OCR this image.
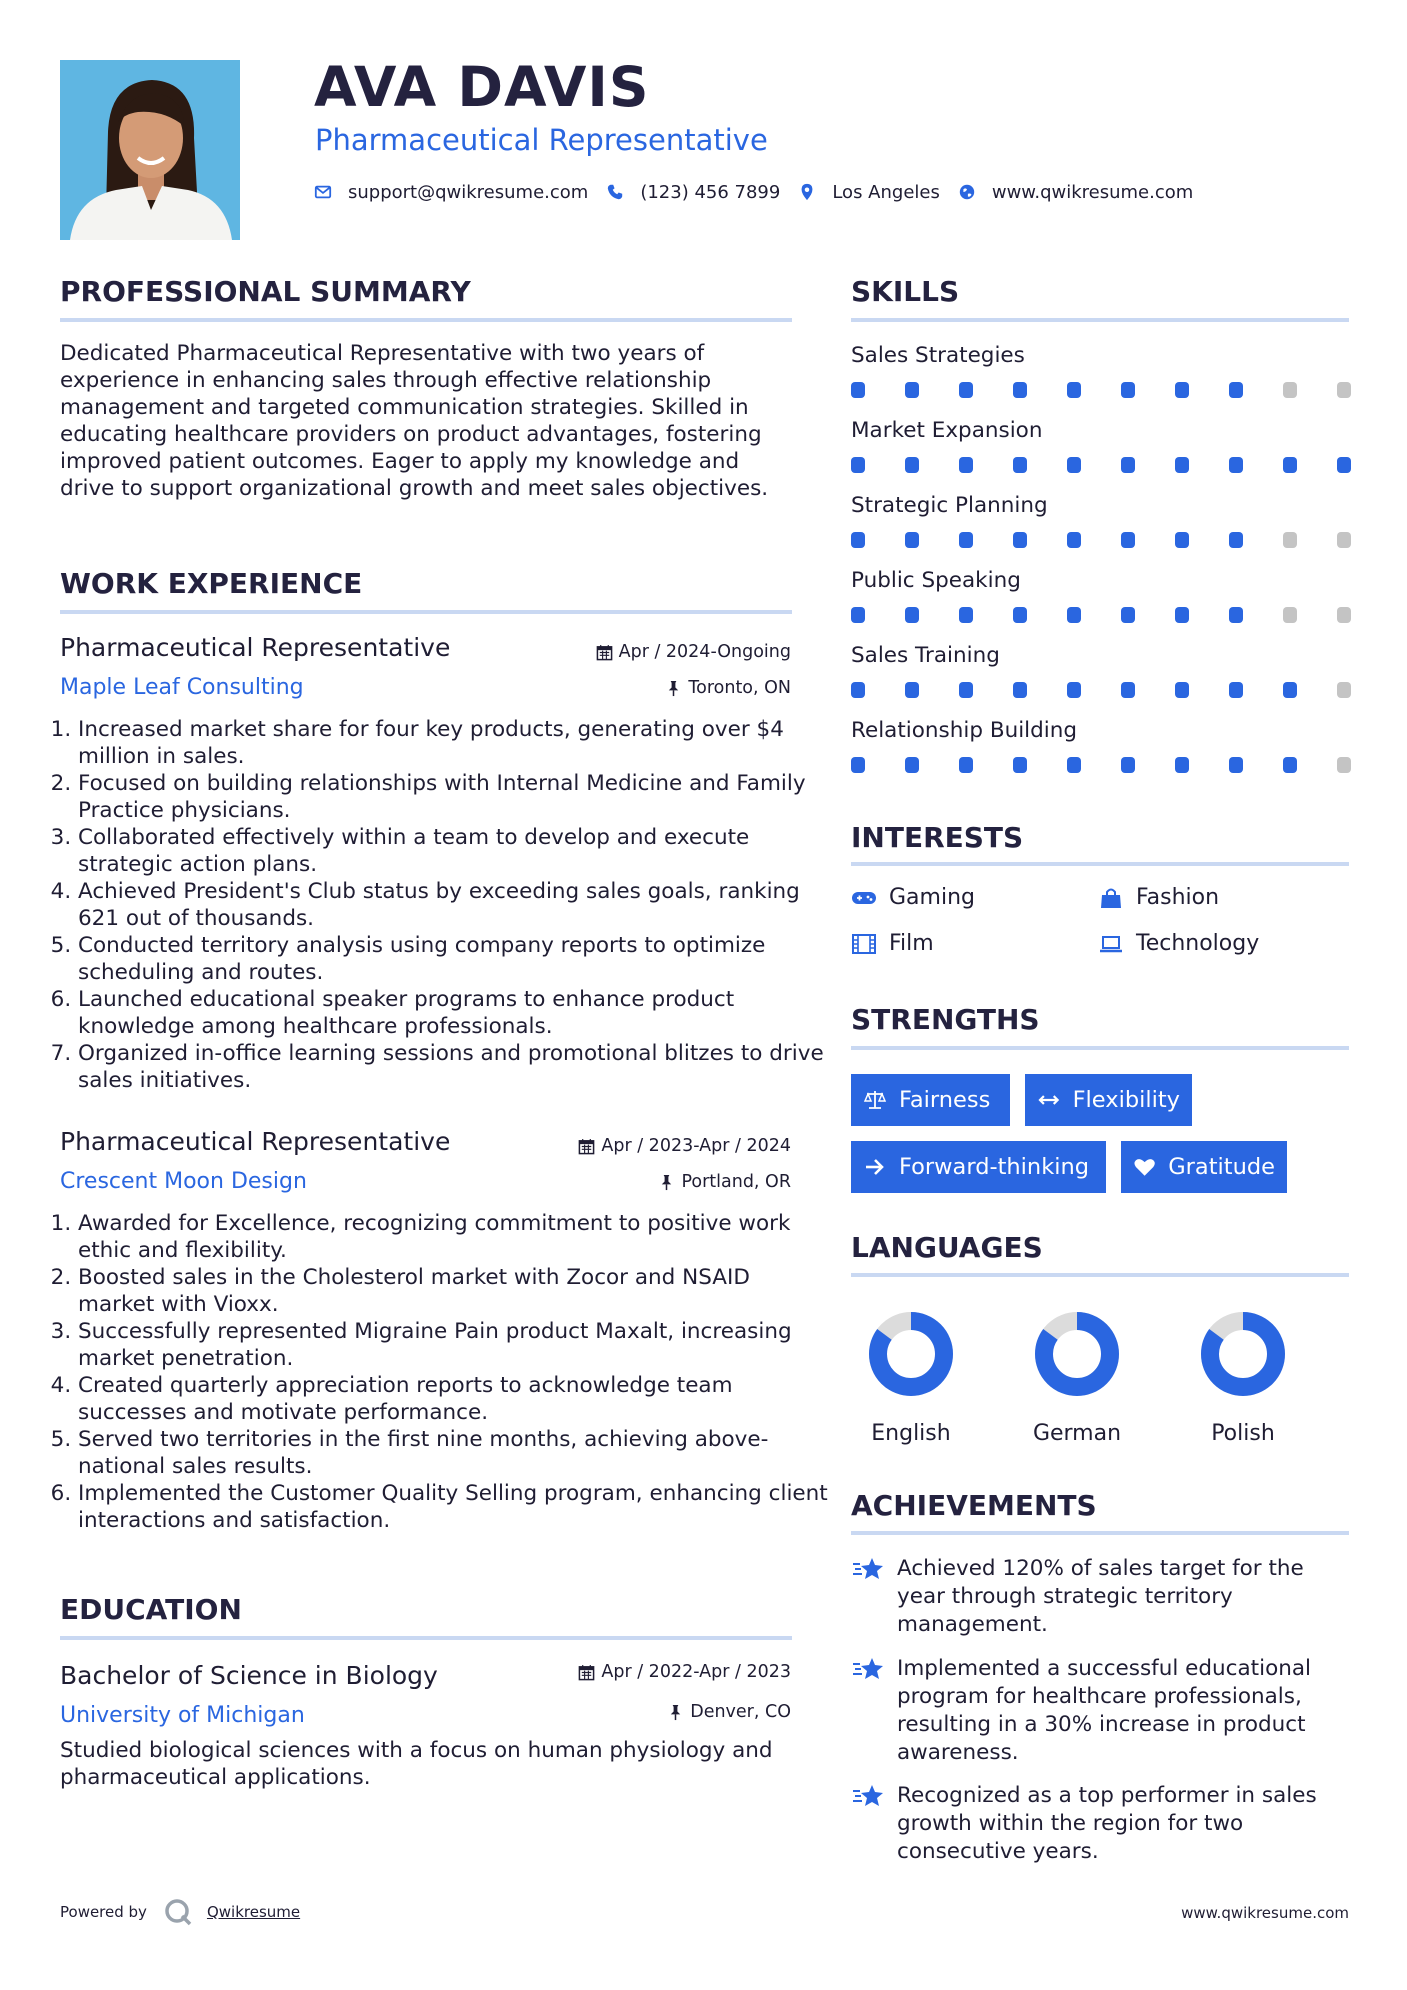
AVA DAVIS
Pharmaceutical Representative
support@qwikresume.com	(123) 456 7899	Los Angeles	www.qwikresume.com
PROFESSIONAL SUMMARY

Dedicated Pharmaceutical Representative with two years of experience in enhancing sales through effective relationship management and targeted communication strategies. Skilled in educating healthcare providers on product advantages, fostering improved patient outcomes. Eager to apply my knowledge and drive to support organizational growth and meet sales objectives.

WORK EXPERIENCE
Pharmaceutical Representative	Apr / 2024-Ongoing
Maple Leaf Consulting	Toronto, ON
1. Increased market share for four key products, generating over $4 million in sales.
2. Focused on building relationships with Internal Medicine and Family Practice physicians.
3. Collaborated effectively within a team to develop and execute strategic action plans.
4. Achieved President's Club status by exceeding sales goals, ranking 621 out of thousands.
5. Conducted territory analysis using company reports to optimize scheduling and routes.
6. Launched educational speaker programs to enhance product knowledge among healthcare professionals.
7. Organized in-office learning sessions and promotional blitzes to drive sales initiatives.
Pharmaceutical Representative	Apr / 2023-Apr / 2024
Crescent Moon Design	Portland, OR
1. Awarded for Excellence, recognizing commitment to positive work ethic and flexibility.
2. Boosted sales in the Cholesterol market with Zocor and NSAID market with Vioxx.
3. Successfully represented Migraine Pain product Maxalt, increasing market penetration.
4. Created quarterly appreciation reports to acknowledge team successes and motivate performance.
5. Served two territories in the first nine months, achieving above-national sales results.
6. Implemented the Customer Quality Selling program, enhancing client interactions and satisfaction.
EDUCATION
Bachelor of Science in Biology	Apr / 2022-Apr / 2023
University of Michigan	Denver, CO

Studied biological sciences with a focus on human physiology and pharmaceutical applications.

SKILLS
Sales Strategies
Market Expansion
Strategic Planning
Public Speaking
Sales Training
Relationship Building
INTERESTS
Gaming	Fashion
Film	Technology
STRENGTHS
Fairness	Flexibility
Forward-thinking	Gratitude
LANGUAGES
English	German	Polish
ACHIEVEMENTS
Achieved 120% of sales target for the year through strategic territory management.
Implemented a successful educational program for healthcare professionals, resulting in a 30% increase in product awareness.
Recognized as a top performer in sales growth within the region for two consecutive years.
Powered by	Qwikresume	www.qwikresume.com
